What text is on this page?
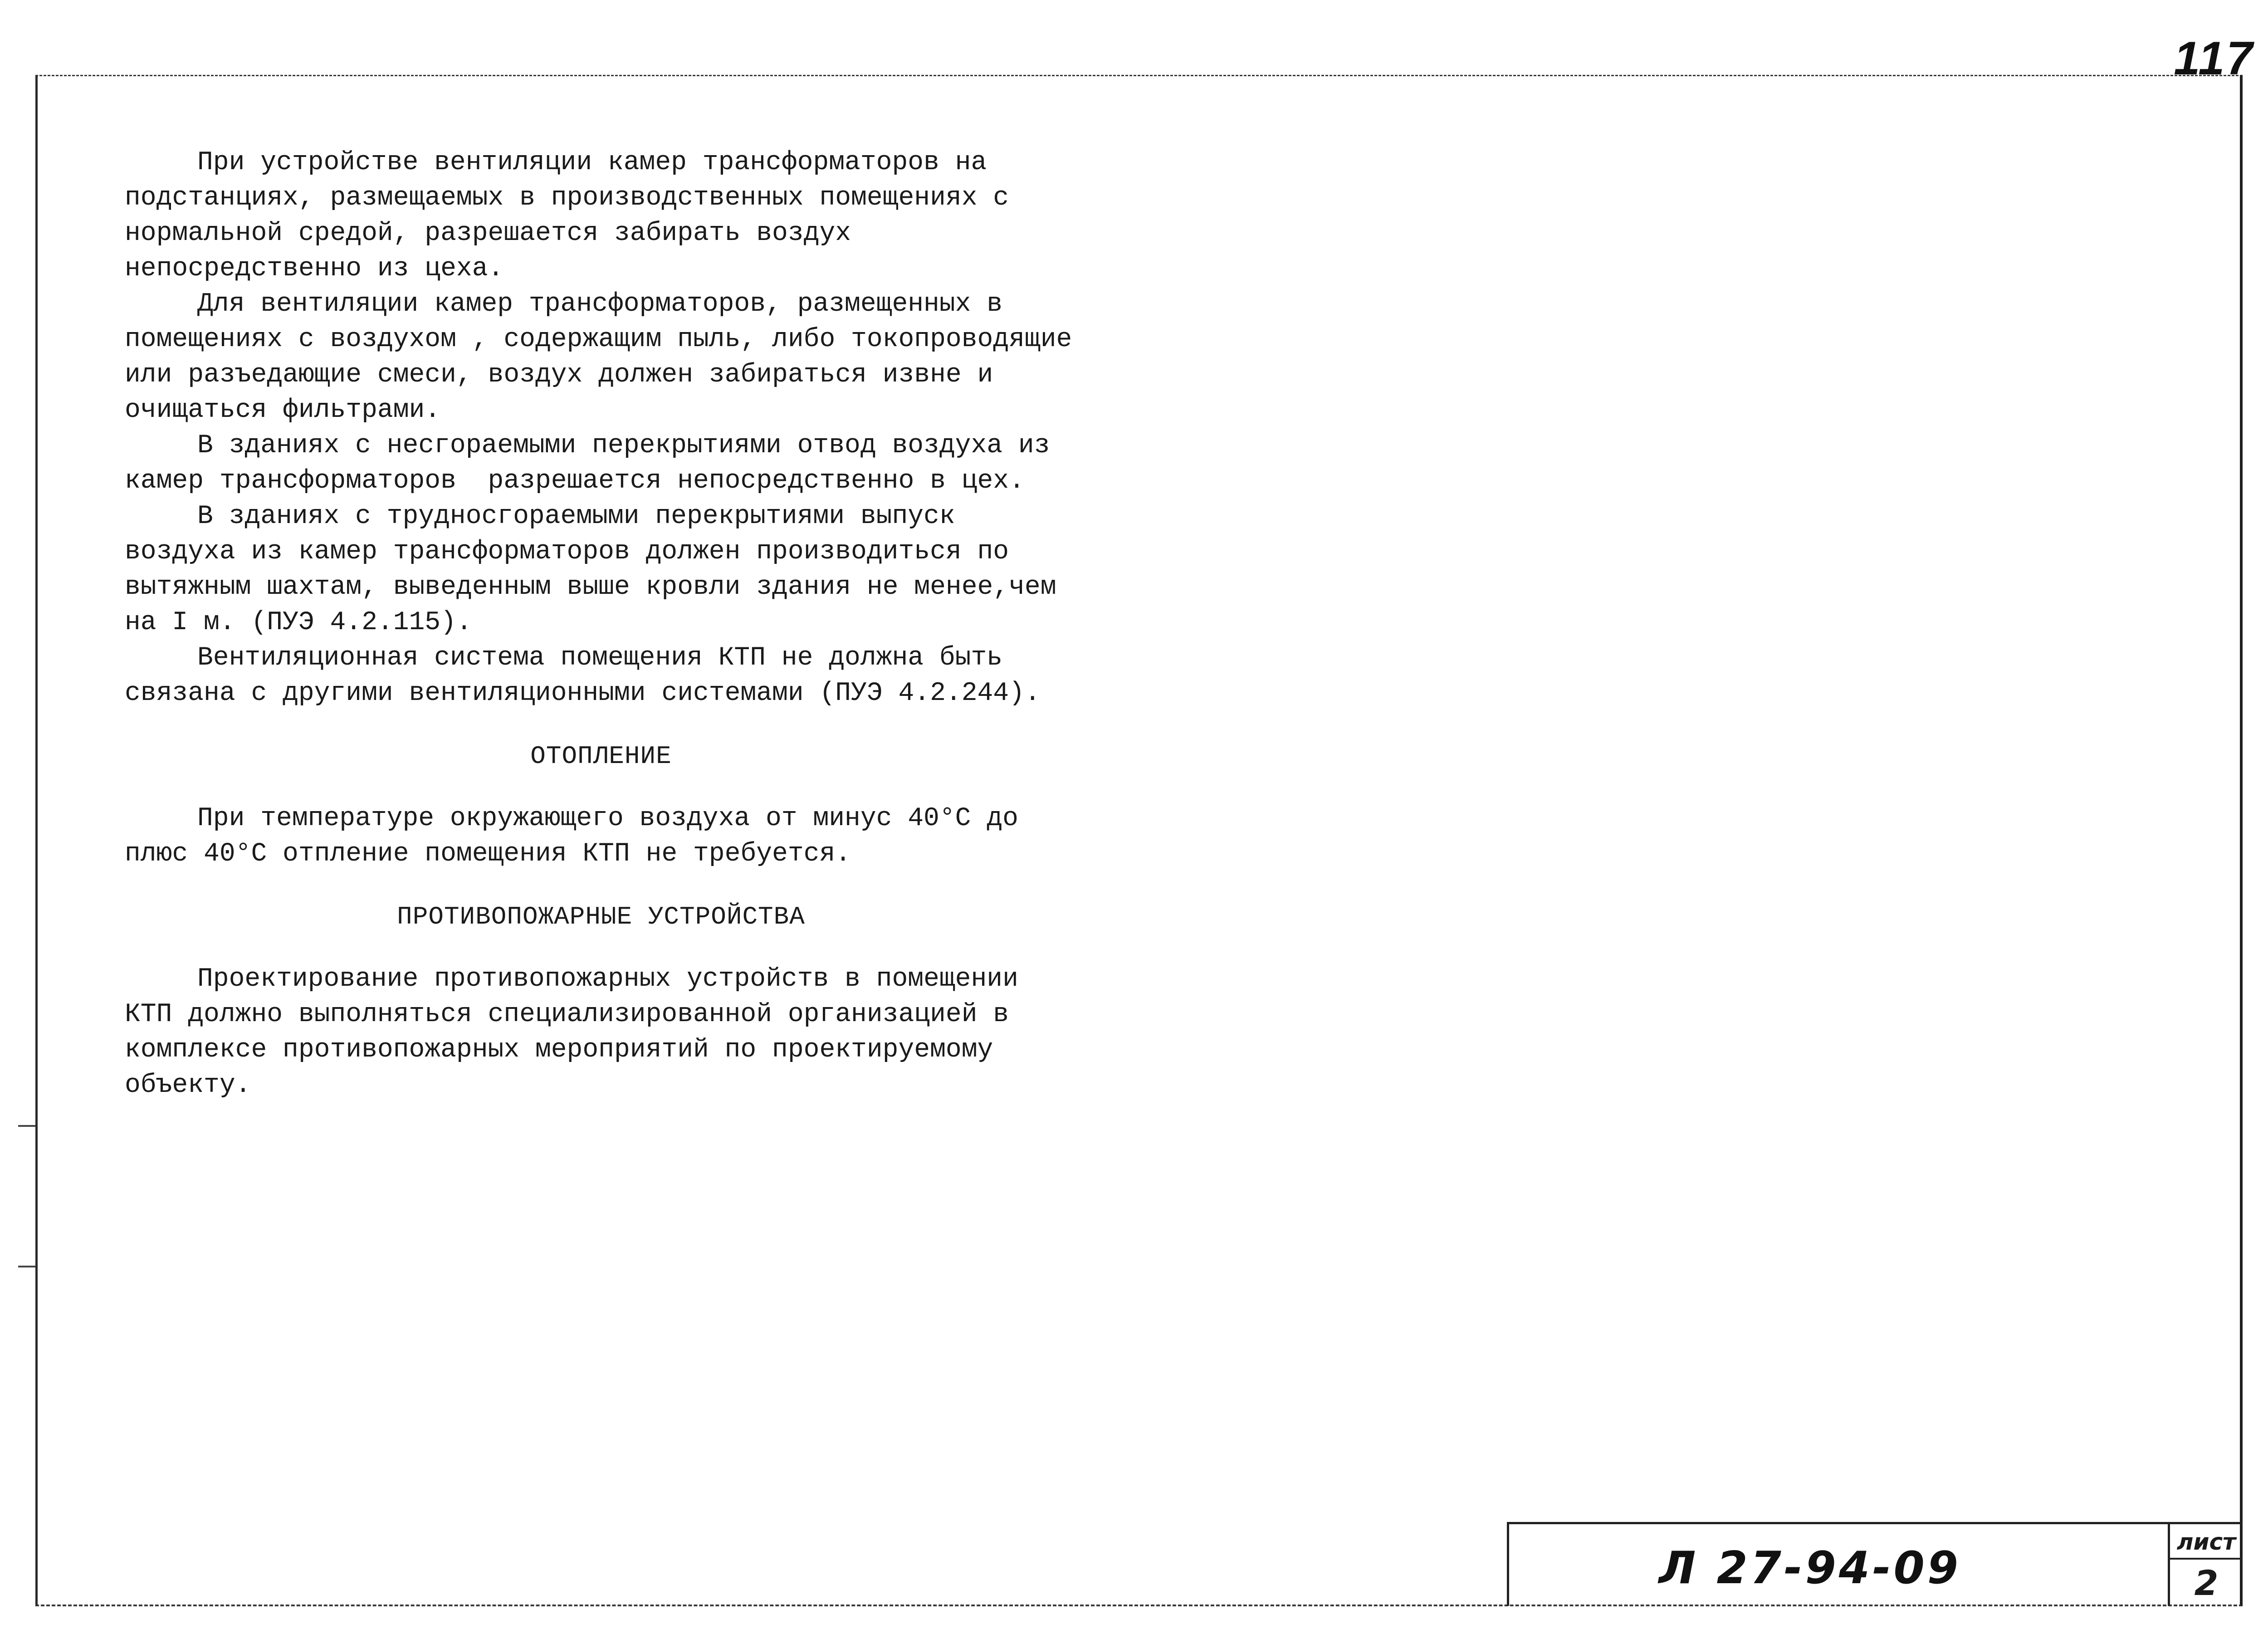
117

При устройстве вентиляции камер трансформаторов на подстанциях, размещаемых в производственных помещениях с нормальной средой, разрешается забирать воздух непосредственно из цеха.

Для вентиляции камер трансформаторов, размещенных в помещениях с воздухом , содержащим пыль, либо токопроводящие или разъедающие смеси, воздух должен забираться извне и очищаться фильтрами.

В зданиях с несгораемыми перекрытиями отвод воздуха из камер трансформаторов  разрешается непосредственно в цех.

В зданиях с трудносгораемыми перекрытиями выпуск воздуха из камер трансформаторов должен производиться по вытяжным шахтам, выведенным выше кровли здания не менее,чем на I м. (ПУЭ 4.2.115).

Вентиляционная система помещения КТП не должна быть связана с другими вентиляционными системами (ПУЭ 4.2.244).

ОТОПЛЕНИЕ

При температуре окружающего воздуха от минус 40°С до плюс 40°С отпление помещения КТП не требуется.

ПРОТИВОПОЖАРНЫЕ УСТРОЙСТВА

Проектирование противопожарных устройств в помещении  КТП должно выполняться специализированной организацией в комплексе противопожарных мероприятий по проектируемому объекту.

Л 27-94-09
лист
2
